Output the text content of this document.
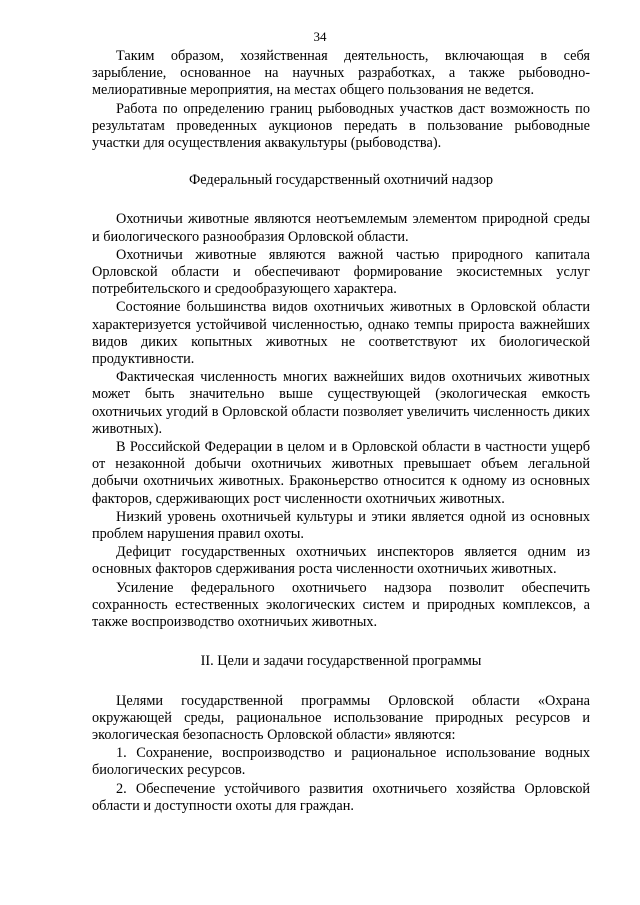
34

Таким образом, хозяйственная деятельность, включающая в себя зарыбление, основанное на научных разработках, а также рыбоводно-мелиоративные мероприятия, на местах общего пользования не ведется.

Работа по определению границ рыбоводных участков даст возможность по результатам проведенных аукционов передать в пользование рыбоводные участки для осуществления аквакультуры (рыбоводства).

Федеральный государственный охотничий надзор

Охотничьи животные являются неотъемлемым элементом природной среды и биологического разнообразия Орловской области.

Охотничьи животные являются важной частью природного капитала Орловской области и обеспечивают формирование экосистемных услуг потребительского и средообразующего характера.

Состояние большинства видов охотничьих животных в Орловской области характеризуется устойчивой численностью, однако темпы прироста важнейших видов диких копытных животных не соответствуют их биологической продуктивности.

Фактическая численность многих важнейших видов охотничьих животных может быть значительно выше существующей (экологическая емкость охотничьих угодий в Орловской области позволяет увеличить численность диких животных).

В Российской Федерации в целом и в Орловской области в частности ущерб от незаконной добычи охотничьих животных превышает объем легальной добычи охотничьих животных. Браконьерство относится к одному из основных факторов, сдерживающих рост численности охотничьих животных.

Низкий уровень охотничьей культуры и этики является одной из основных проблем нарушения правил охоты.

Дефицит государственных охотничьих инспекторов является одним из основных факторов сдерживания роста численности охотничьих животных.

Усиление федерального охотничьего надзора позволит обеспечить сохранность естественных экологических систем и природных комплексов, а также воспроизводство охотничьих животных.

II. Цели и задачи государственной программы

Целями государственной программы Орловской области «Охрана окружающей среды, рациональное использование природных ресурсов и экологическая безопасность Орловской области» являются:

1. Сохранение, воспроизводство и рациональное использование водных биологических ресурсов.

2. Обеспечение устойчивого развития охотничьего хозяйства Орловской области и доступности охоты для граждан.
